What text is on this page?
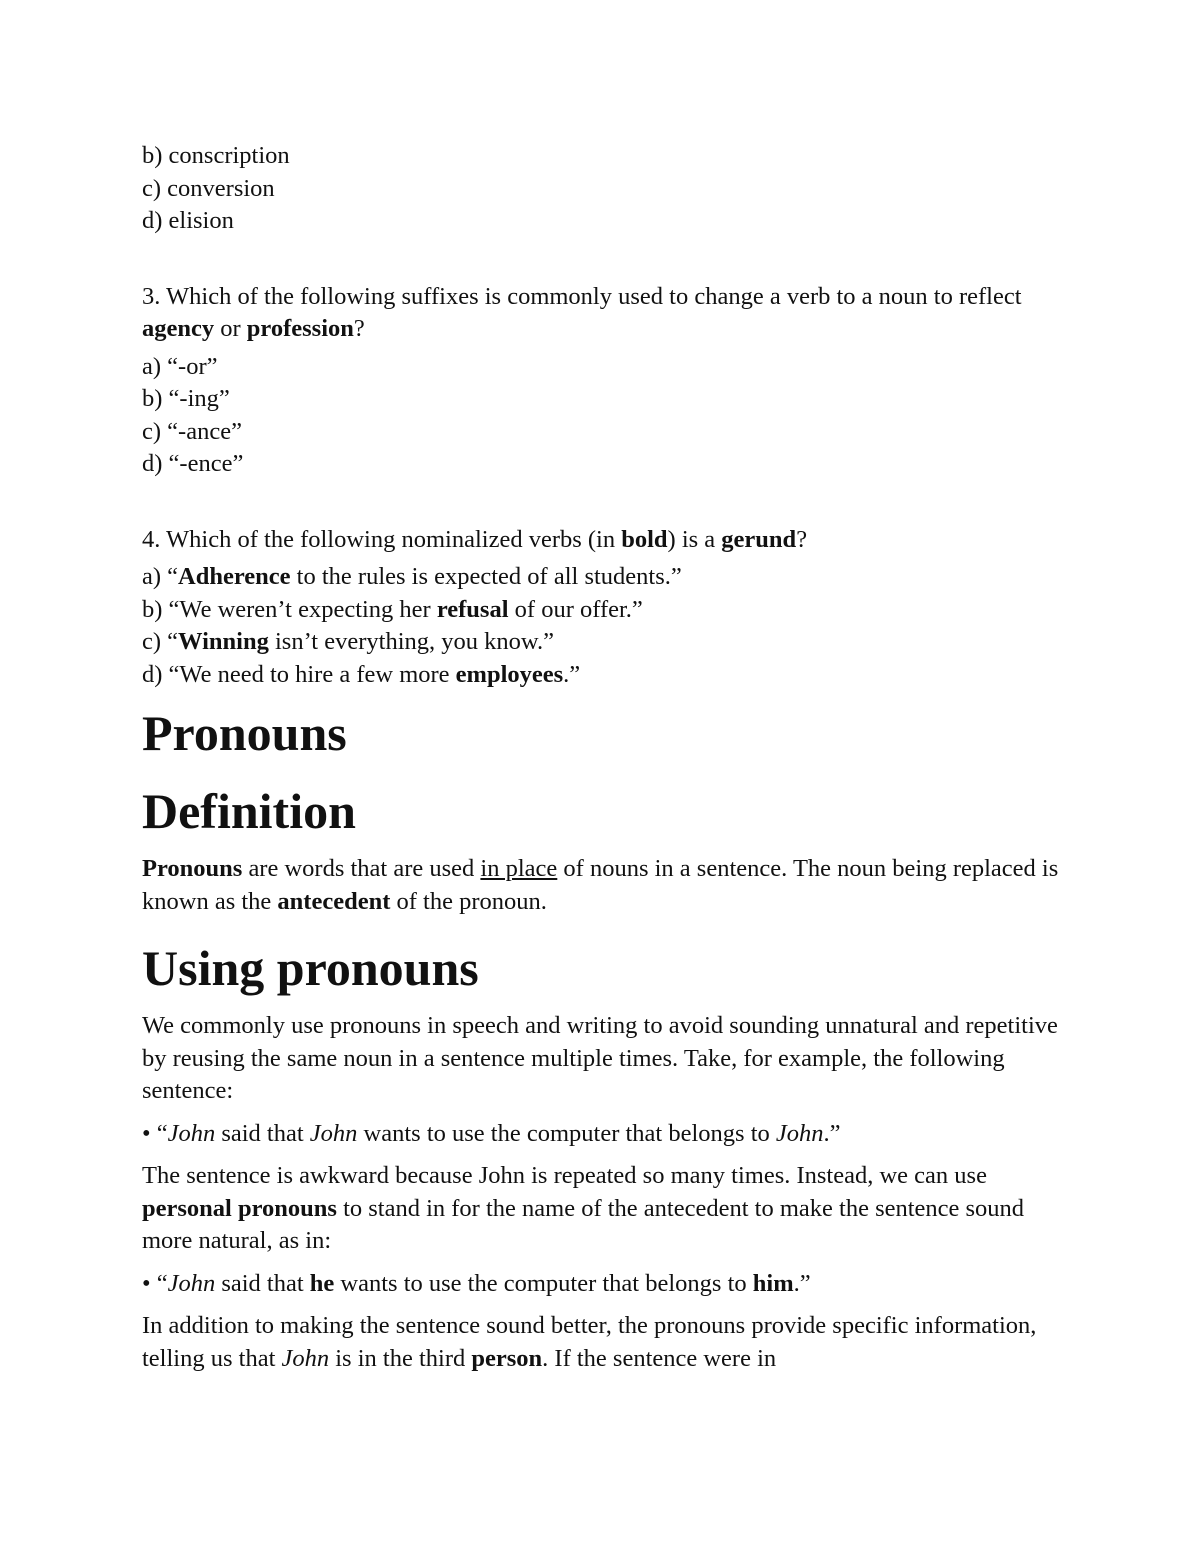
b) conscription

c) conversion

d) elision

3. Which of the following suffixes is commonly used to change a verb to a noun to reflect agency or profession?

a) “-or”

b) “-ing”

c) “-ance”

d) “-ence”

4. Which of the following nominalized verbs (in bold) is a gerund?

a) “Adherence to the rules is expected of all students.”

b) “We weren’t expecting her refusal of our offer.”

c) “Winning isn’t everything, you know.”

d) “We need to hire a few more employees.”

Pronouns
Definition

Pronouns are words that are used in place of nouns in a sentence. The noun being replaced is known as the antecedent of the pronoun.

Using pronouns

We commonly use pronouns in speech and writing to avoid sounding unnatural and repetitive by reusing the same noun in a sentence multiple times. Take, for example, the following sentence:

• “John said that John wants to use the computer that belongs to John.”

The sentence is awkward because John is repeated so many times. Instead, we can use personal pronouns to stand in for the name of the antecedent to make the sentence sound more natural, as in:

• “John said that he wants to use the computer that belongs to him.”

In addition to making the sentence sound better, the pronouns provide specific information, telling us that John is in the third person. If the sentence were in
